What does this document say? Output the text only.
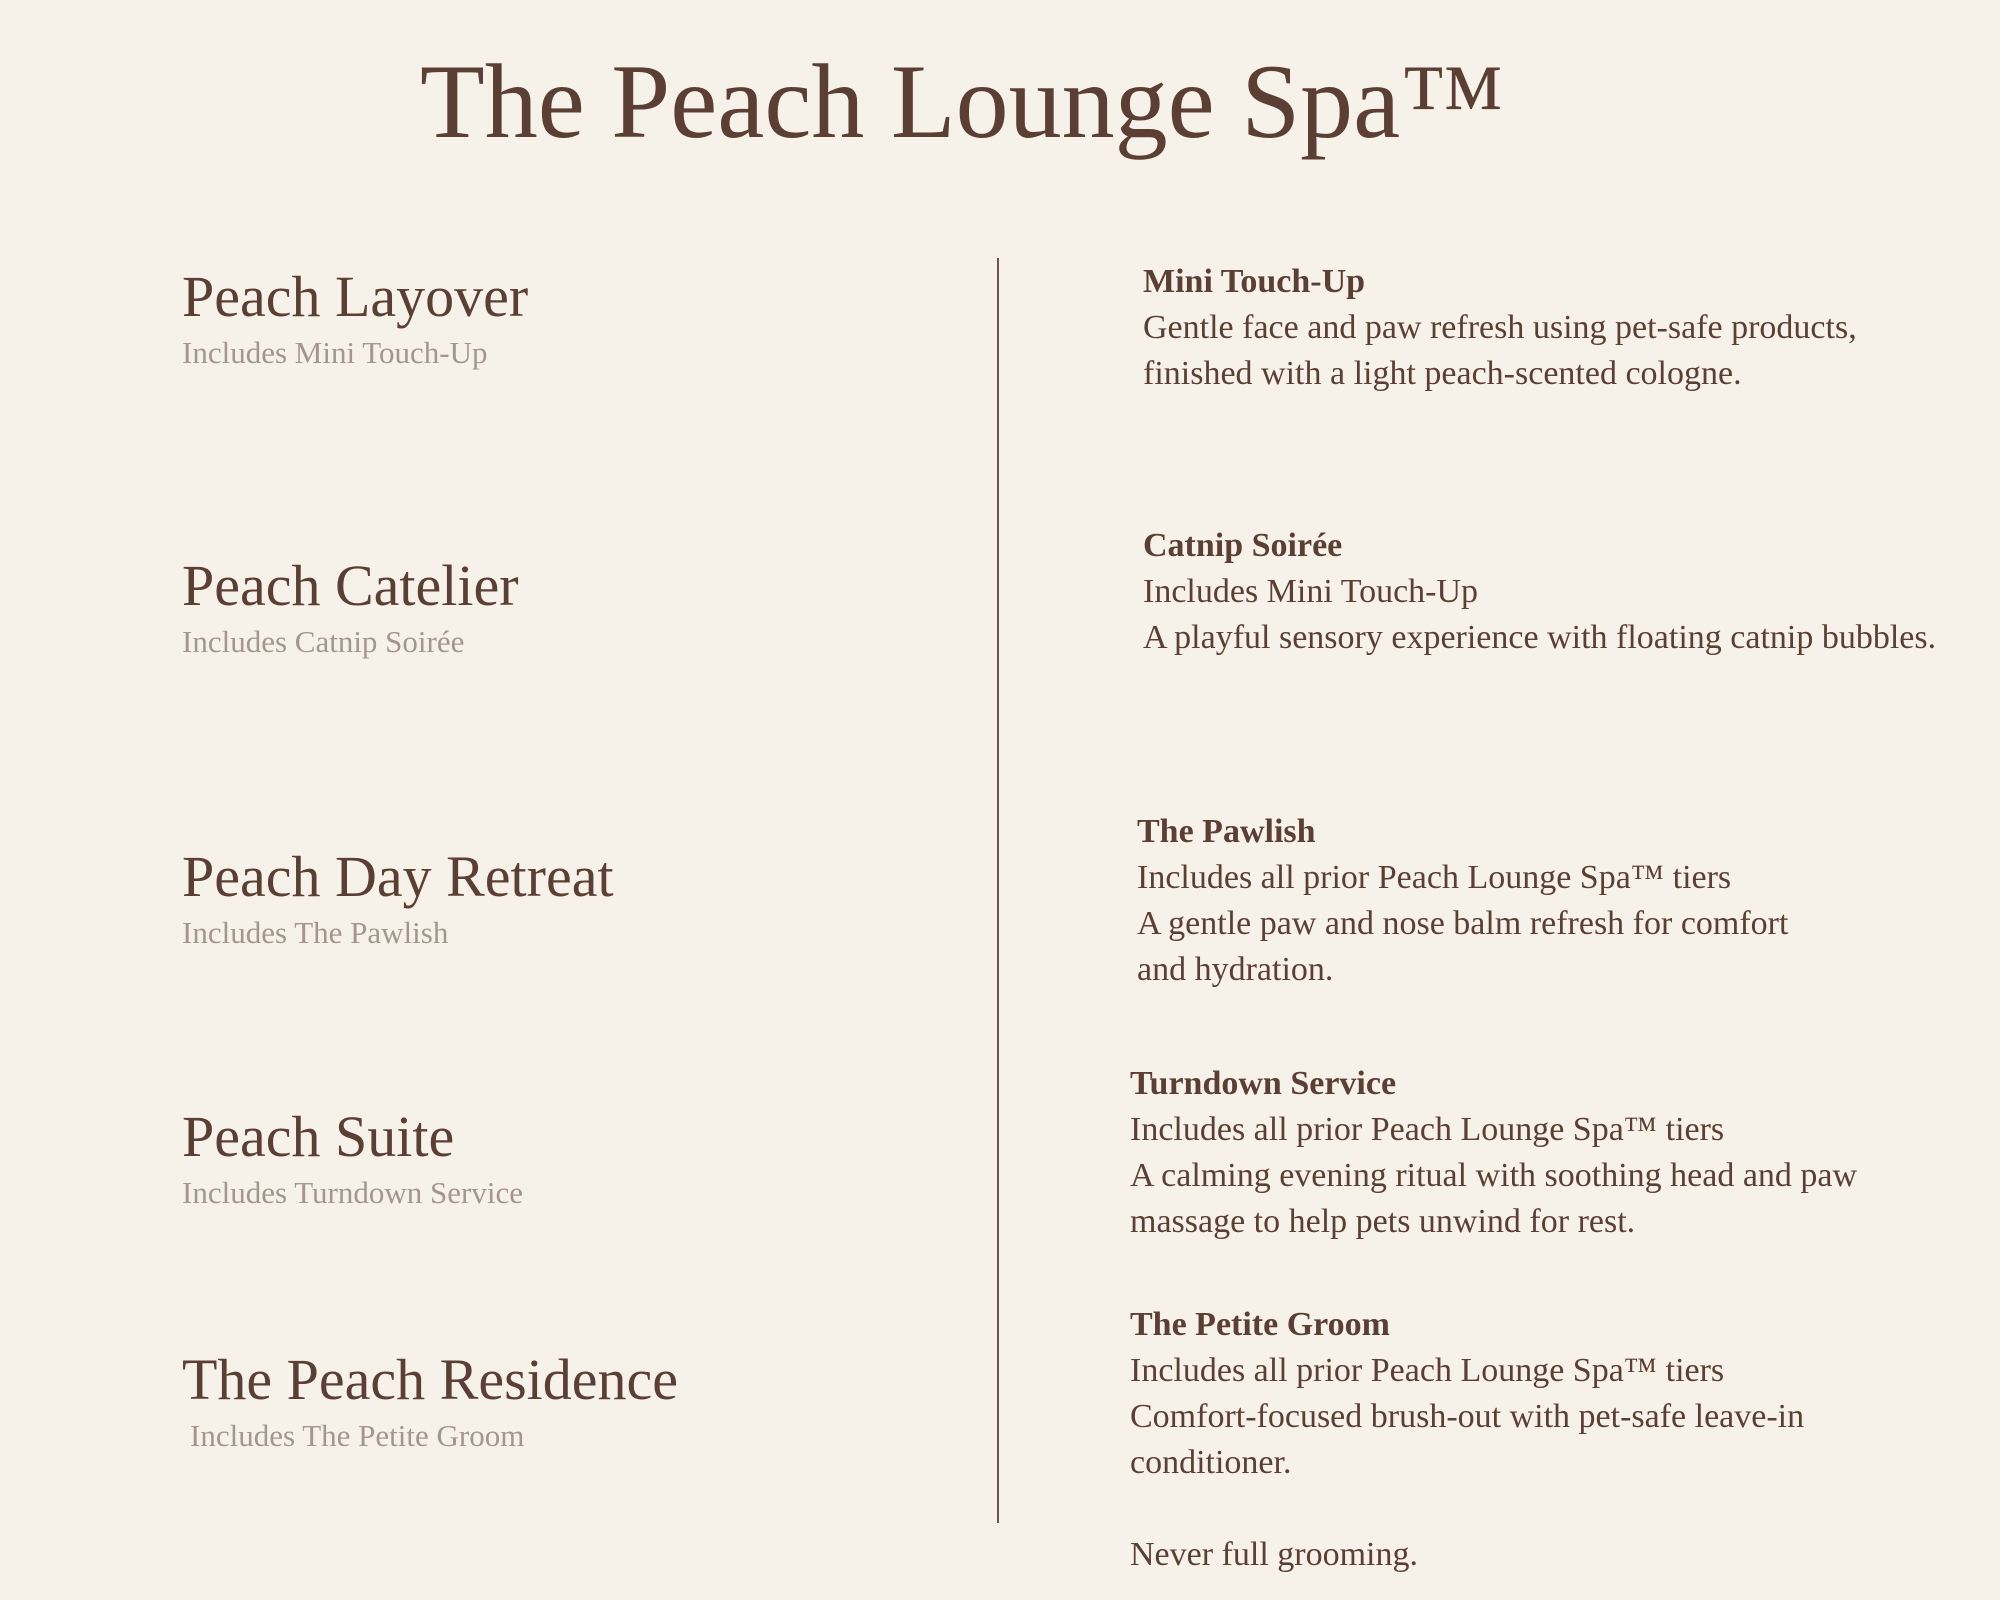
The Peach Lounge Spa™
Peach Layover
Includes Mini Touch-Up
Peach Catelier
Includes Catnip Soirée
Peach Day Retreat
Includes The Pawlish
Peach Suite
Includes Turndown Service
The Peach Residence
Includes The Petite Groom
Mini Touch-Up
Gentle face and paw refresh using pet-safe products, finished with a light peach-scented cologne.
Catnip Soirée
Includes Mini Touch-Up
A playful sensory experience with floating catnip bubbles.
The Pawlish
Includes all prior Peach Lounge Spa™ tiers
A gentle paw and nose balm refresh for comfort and hydration.
Turndown Service
Includes all prior Peach Lounge Spa™ tiers
A calming evening ritual with soothing head and paw massage to help pets unwind for rest.
The Petite Groom
Includes all prior Peach Lounge Spa™ tiers
Comfort-focused brush-out with pet-safe leave-in conditioner.
Never full grooming.
